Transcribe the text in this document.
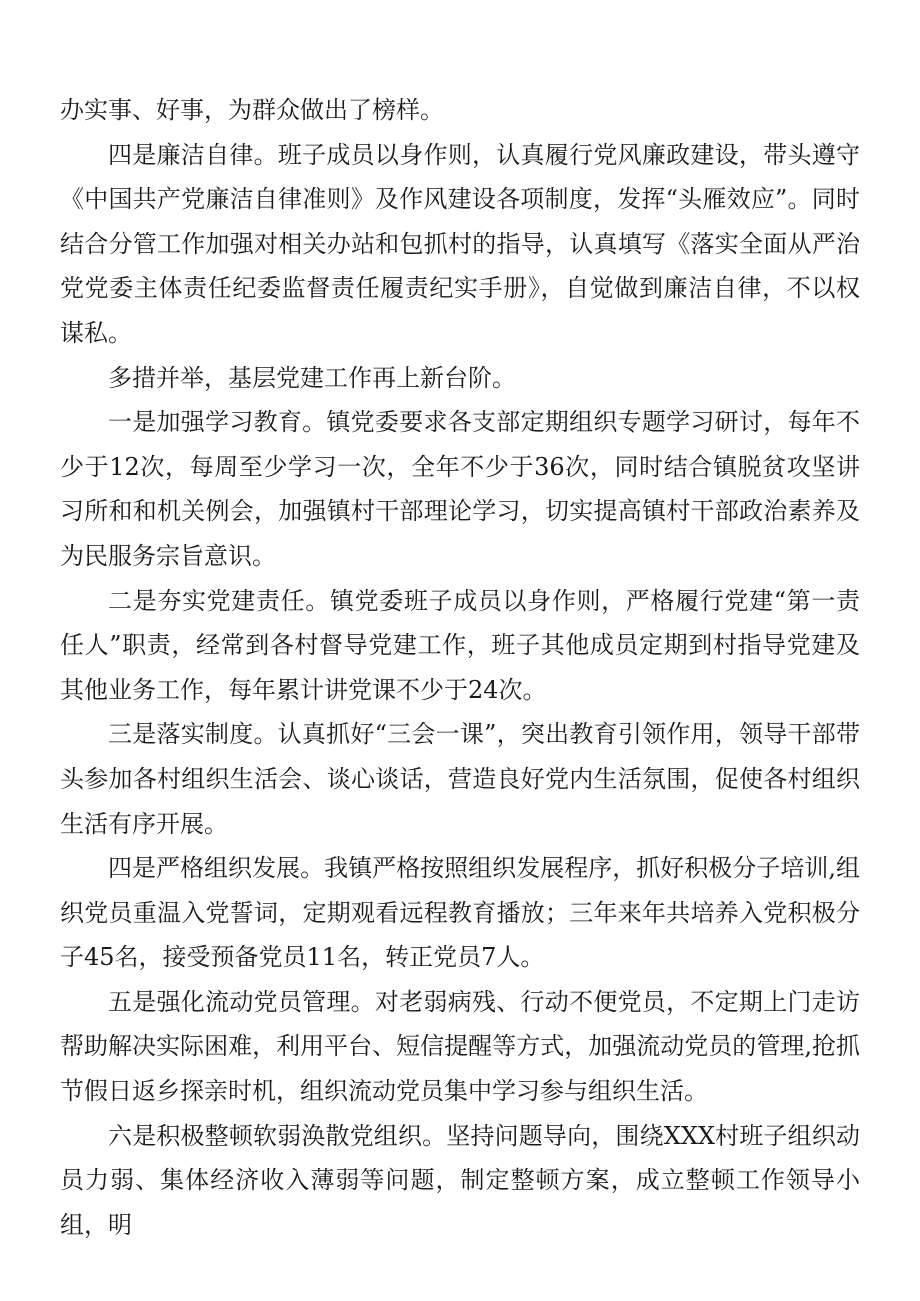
办实事、好事，为群众做出了榜样。

四是廉洁自律。班子成员以身作则，认真履行党风廉政建设，带头遵守《中国共产党廉洁自律准则》及作风建设各项制度，发挥“头雁效应”。同时结合分管工作加强对相关办站和包抓村的指导，认真填写《落实全面从严治党党委主体责任纪委监督责任履责纪实手册》，自觉做到廉洁自律，不以权谋私。

多措并举，基层党建工作再上新台阶。

一是加强学习教育。镇党委要求各支部定期组织专题学习研讨，每年不少于12次，每周至少学习一次，全年不少于36次，同时结合镇脱贫攻坚讲习所和和机关例会，加强镇村干部理论学习，切实提高镇村干部政治素养及为民服务宗旨意识。

二是夯实党建责任。镇党委班子成员以身作则，严格履行党建“第一责任人”职责，经常到各村督导党建工作，班子其他成员定期到村指导党建及其他业务工作，每年累计讲党课不少于24次。

三是落实制度。认真抓好“三会一课”，突出教育引领作用，领导干部带头参加各村组织生活会、谈心谈话，营造良好党内生活氛围，促使各村组织生活有序开展。

四是严格组织发展。我镇严格按照组织发展程序，抓好积极分子培训,组织党员重温入党誓词，定期观看远程教育播放；三年来年共培养入党积极分子45名，接受预备党员11名，转正党员7人。

五是强化流动党员管理。对老弱病残、行动不便党员，不定期上门走访帮助解决实际困难，利用平台、短信提醒等方式，加强流动党员的管理,抢抓节假日返乡探亲时机，组织流动党员集中学习参与组织生活。

六是积极整顿软弱涣散党组织。坚持问题导向，围绕XXX村班子组织动员力弱、集体经济收入薄弱等问题，制定整顿方案，成立整顿工作领导小组，明
